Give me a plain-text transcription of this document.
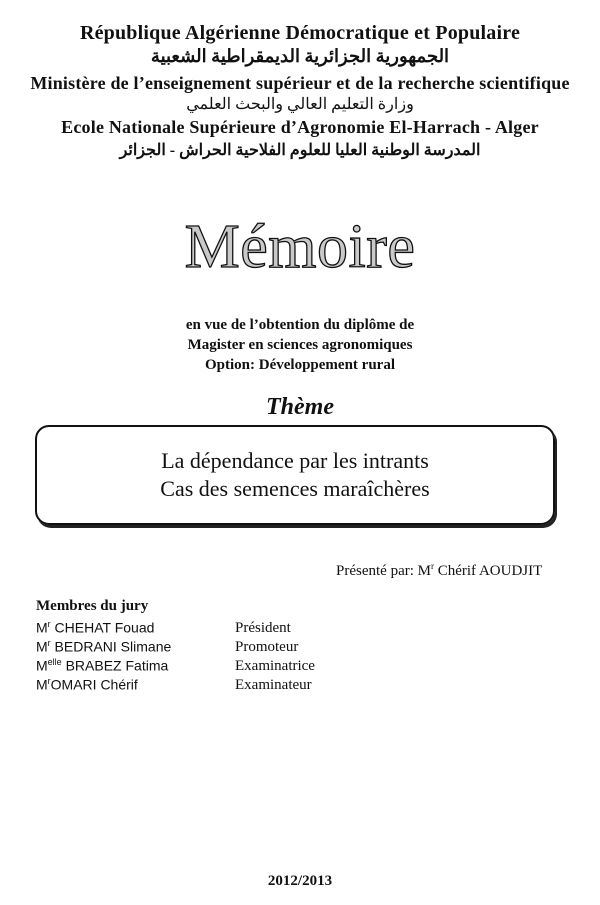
République Algérienne Démocratique et Populaire
الجمهورية الجزائرية الديمقراطية الشعبية
Ministère de l’enseignement supérieur et de la recherche scientifique
وزارة التعليم العالي والبحث العلمي
Ecole Nationale Supérieure d’Agronomie El-Harrach - Alger
المدرسة الوطنية العليا للعلوم الفلاحية الحراش - الجزائر
Mémoire
en vue de l’obtention du diplôme de
Magister en sciences agronomiques
Option: Développement rural
Thème
La dépendance par les intrants
Cas des semences maraîchères
Présenté par: $M^r$ Chérif AOUDJIT
Membres du jury
$M^r$ CHEHAT Fouad	Président
$M^r$ BEDRANI Slimane	Promoteur
$M^{elle}$ BRABEZ Fatima	Examinatrice
$M^rOMARI$ Chérif	Examinateur
2012/2013
